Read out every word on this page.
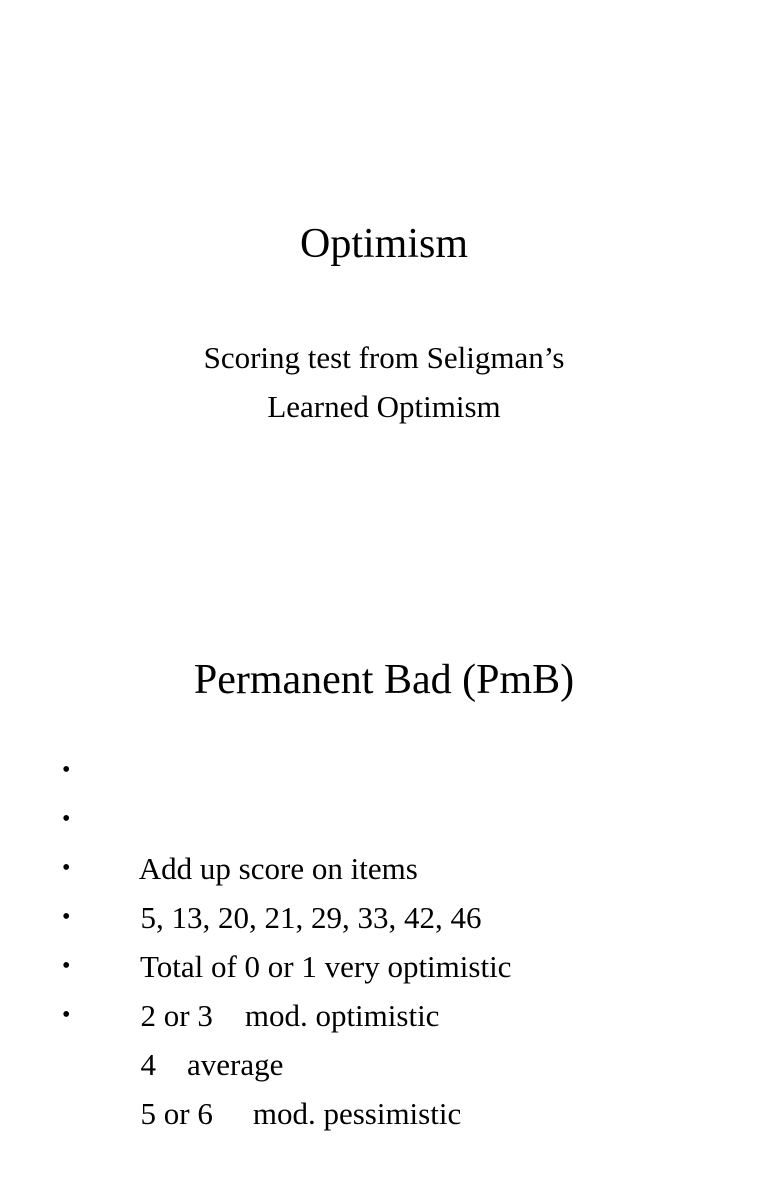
Optimism
Scoring test from Seligman’s
Learned Optimism
Permanent Bad (PmB)

•

Add up score on items

•

5, 13, 20, 21, 29, 33, 42, 46

•

Total of 0 or 1 very optimistic

•

2 or 3 mod. optimistic

•

4 average

•

5 or 6 mod. pessimistic
